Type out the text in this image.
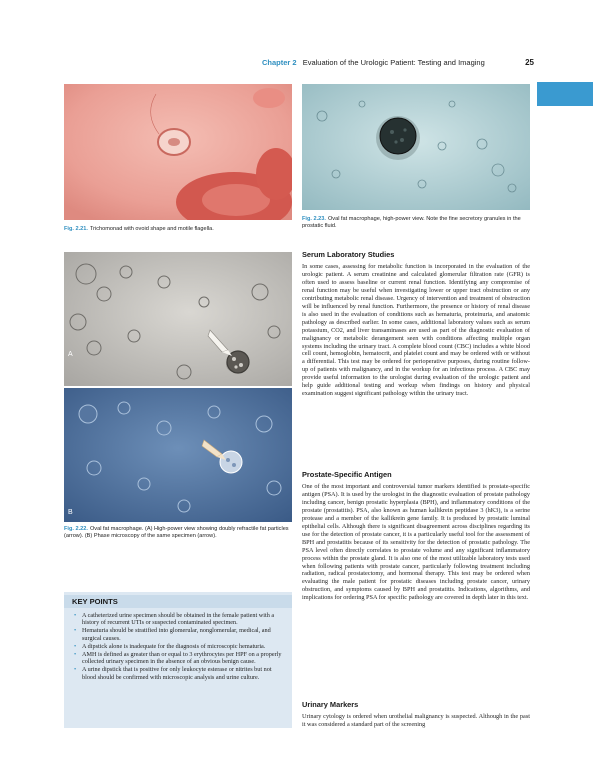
Chapter 2 Evaluation of the Urologic Patient: Testing and Imaging	25
Fig. 2.21. Trichomonad with ovoid shape and motile flagella.
A
B
Fig. 2.22. Oval fat macrophage. (A) High-power view showing doubly refractile fat particles (arrow). (B) Phase microscopy of the same specimen (arrow).
Fig. 2.23. Oval fat macrophage, high-power view. Note the fine secretory granules in the prostatic fluid.
Serum Laboratory Studies

In some cases, assessing for metabolic function is incorporated in the evaluation of the urologic patient. A serum creatinine and calculated glomerular filtration rate (GFR) is often used to assess baseline or current renal function. Identifying any compromise of renal function may be useful when investigating lower or upper tract obstruction or any contributing metabolic renal disease. Urgency of intervention and treatment of obstruction will be influenced by renal function. Furthermore, the presence or history of renal disease is also used in the evaluation of conditions such as hematuria, proteinuria, and anatomic pathology as described earlier. In some cases, additional laboratory values such as serum potassium, CO2, and liver transaminases are used as part of the diagnostic evaluation of malignancy or metabolic derangement seen with conditions affecting multiple organ systems including the urinary tract. A complete blood count (CBC) includes a white blood cell count, hemoglobin, hematocrit, and platelet count and may be ordered with or without a differential. This test may be ordered for perioperative purposes, during routine follow-up of patients with malignancy, and in the workup for an infectious process. A CBC may provide useful information to the urologist during evaluation of the urologic patient and help guide additional testing and workup when findings on history and physical examination suggest significant pathology within the urinary tract.

Prostate-Specific Antigen

One of the most important and controversial tumor markers identified is prostate-specific antigen (PSA). It is used by the urologist in the diagnostic evaluation of prostate pathology including cancer, benign prostatic hyperplasia (BPH), and inflammatory conditions of the prostate (prostatitis). PSA, also known as human kallikrein peptidase 3 (hK3), is a serine protease and a member of the kallikrein gene family. It is produced by prostatic luminal epithelial cells. Although there is significant disagreement across disciplines regarding its use for the detection of prostate cancer, it is a particularly useful tool for the assessment of BPH and prostatitis because of its sensitivity for the detection of prostatic pathology. The PSA level often directly correlates to prostate volume and any significant inflammatory process within the prostate gland. It is also one of the most utilizable laboratory tests used when following patients with prostate cancer, particularly following treatment including radiation, radical prostatectomy, and hormonal therapy. This test may be ordered when evaluating the male patient for prostatic diseases including prostate cancer, urinary obstruction, and symptoms caused by BPH and prostatitis. Indications, algorithms, and implications for ordering PSA for specific pathology are covered in depth later in this text.

Urinary Markers

Urinary cytology is ordered when urothelial malignancy is suspected. Although in the past it was considered a standard part of the screening

KEY POINTS
• A catheterized urine specimen should be obtained in the female patient with a history of recurrent UTIs or suspected contaminated specimen.
• Hematuria should be stratified into glomerular, nonglomerular, medical, and surgical causes.
• A dipstick alone is inadequate for the diagnosis of microscopic hematuria.
• AMH is defined as greater than or equal to 3 erythrocytes per HPF on a properly collected urinary specimen in the absence of an obvious benign cause.
• A urine dipstick that is positive for only leukocyte esterase or nitrites but not blood should be confirmed with microscopic analysis and urine culture.
